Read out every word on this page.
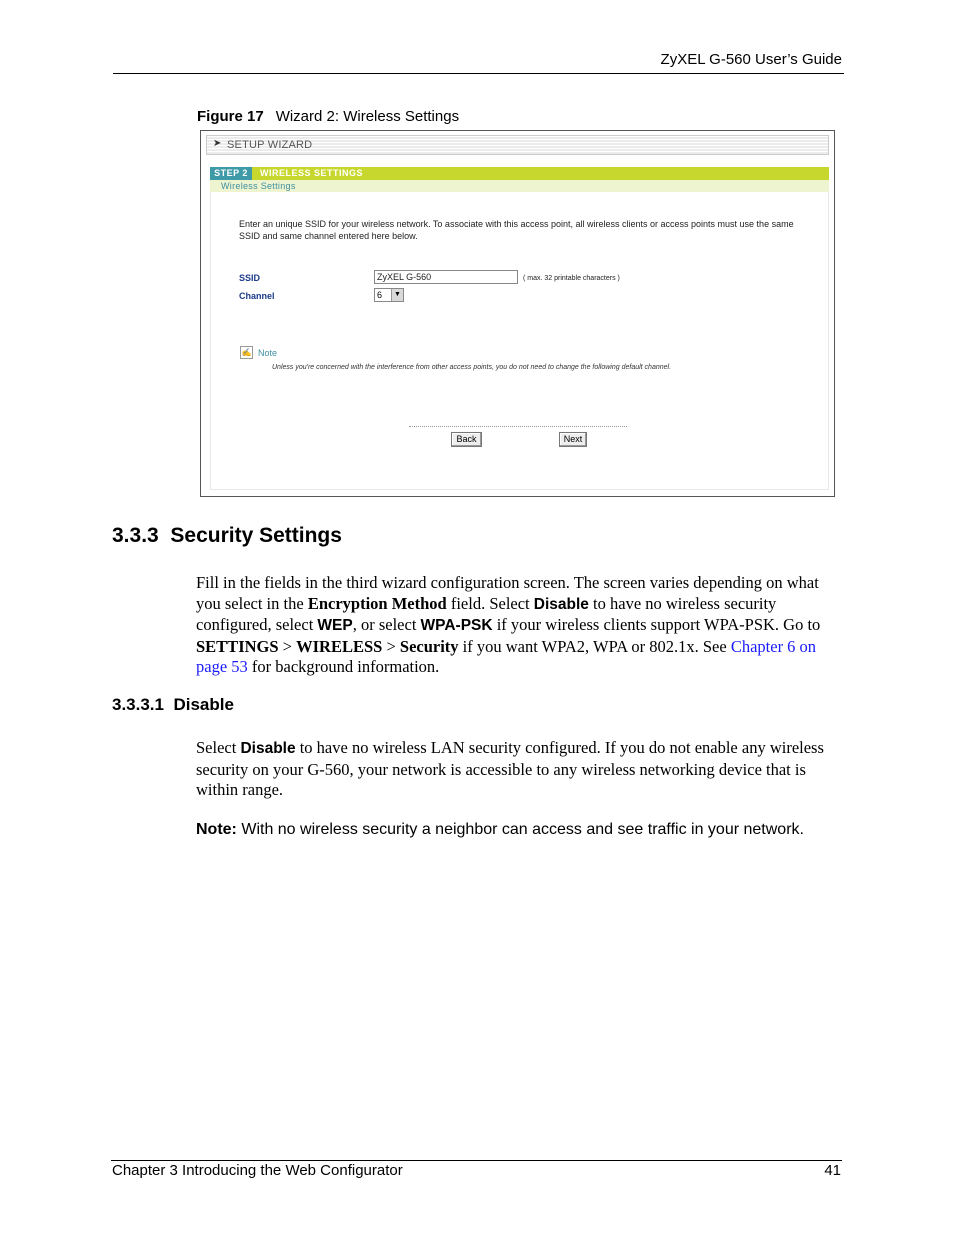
ZyXEL G-560 User’s Guide
Figure 17 Wizard 2: Wireless Settings
➤ SETUP WIZARD
STEP 2	WIRELESS SETTINGS
Wireless Settings
Enter an unique SSID for your wireless network. To associate with this access point, all wireless clients or access points must use the same SSID and same channel entered here below.
SSID	ZyXEL G-560	( max. 32 printable characters )
Channel	6	▼
✍ Note
Unless you're concerned with the interference from other access points, you do not need to change the following default channel.
Back	Next
3.3.3 Security Settings
Fill in the fields in the third wizard configuration screen. The screen varies depending on what you select in the Encryption Method field. Select Disable to have no wireless security configured, select WEP, or select WPA-PSK if your wireless clients support WPA-PSK. Go to SETTINGS > WIRELESS > Security if you want WPA2, WPA or 802.1x. See Chapter 6 on page 53 for background information.
3.3.3.1 Disable
Select Disable to have no wireless LAN security configured. If you do not enable any wireless security on your G-560, your network is accessible to any wireless networking device that is within range.
Note: With no wireless security a neighbor can access and see traffic in your network.
Chapter 3 Introducing the Web Configurator	41
